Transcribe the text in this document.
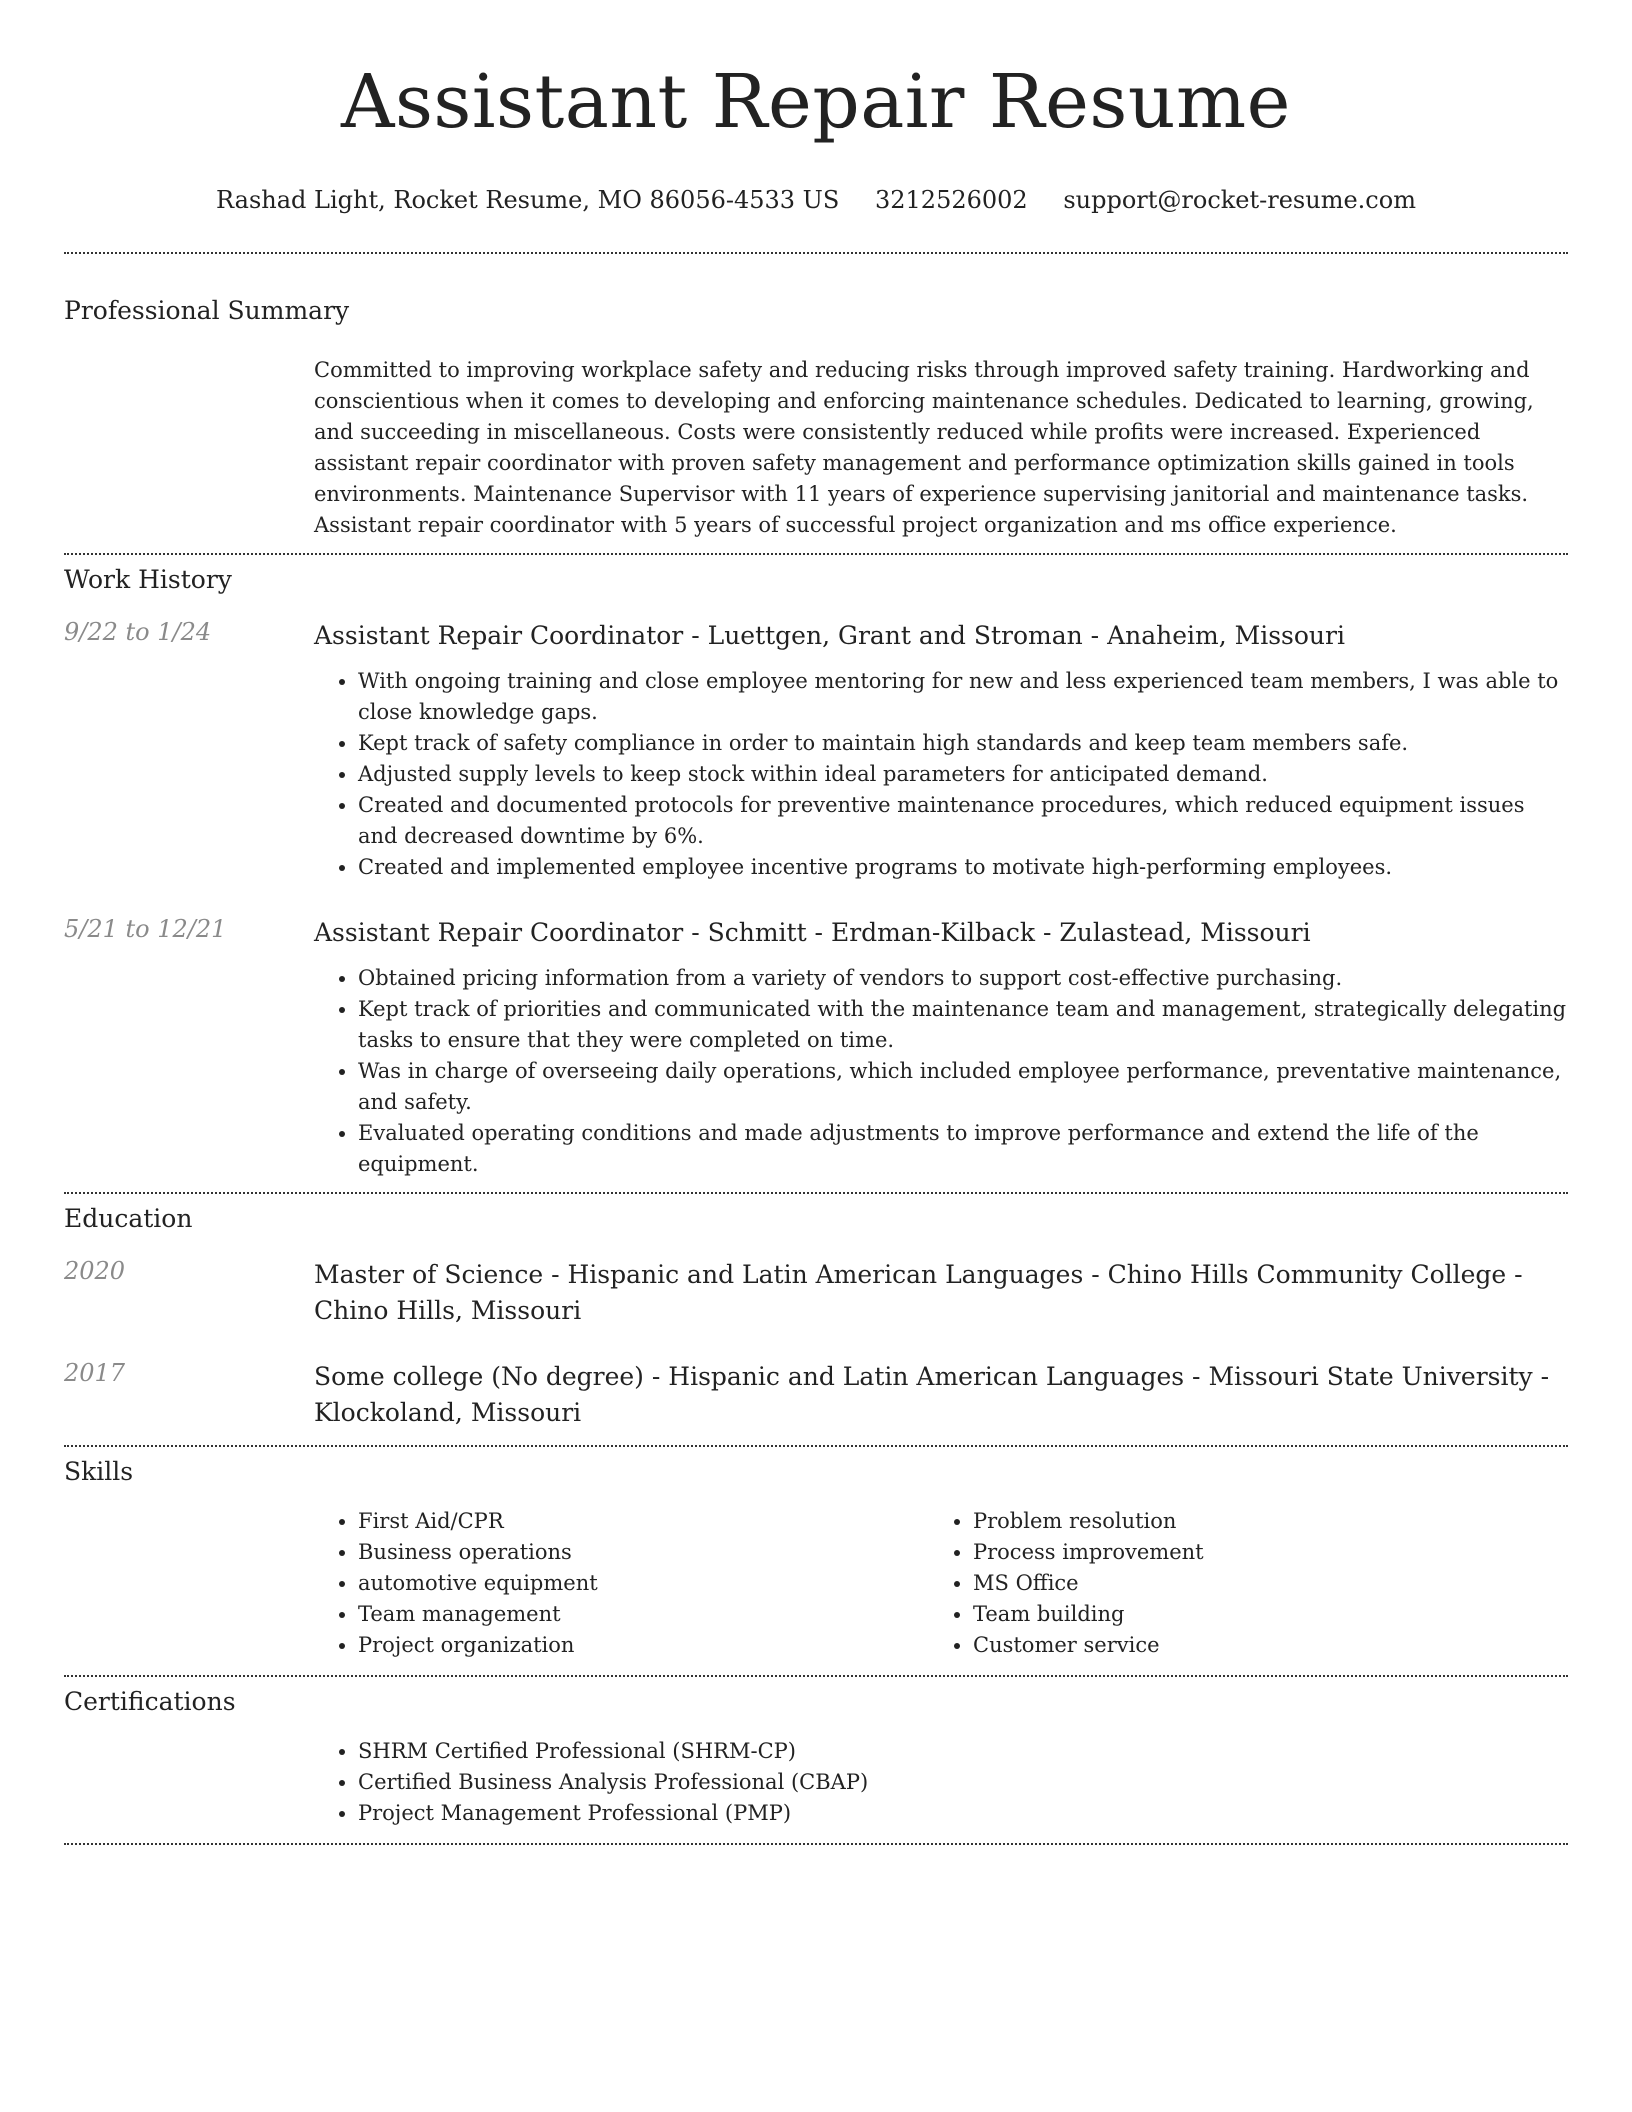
Assistant Repair Resume
Rashad Light, Rocket Resume, MO 86056-4533 US 3212526002 support@rocket-resume.com
Professional Summary
Committed to improving workplace safety and reducing risks through improved safety training. Hardworking and conscientious when it comes to developing and enforcing maintenance schedules. Dedicated to learning, growing, and succeeding in miscellaneous. Costs were consistently reduced while profits were increased. Experienced assistant repair coordinator with proven safety management and performance optimization skills gained in tools environments. Maintenance Supervisor with 11 years of experience supervising janitorial and maintenance tasks. Assistant repair coordinator with 5 years of successful project organization and ms office experience.
Work History
9/22 to 1/24	Assistant Repair Coordinator - Luettgen, Grant and Stroman - Anaheim, Missouri
• With ongoing training and close employee mentoring for new and less experienced team members, I was able to close knowledge gaps.
• Kept track of safety compliance in order to maintain high standards and keep team members safe.
• Adjusted supply levels to keep stock within ideal parameters for anticipated demand.
• Created and documented protocols for preventive maintenance procedures, which reduced equipment issues and decreased downtime by 6%.
• Created and implemented employee incentive programs to motivate high-performing employees.
5/21 to 12/21	Assistant Repair Coordinator - Schmitt - Erdman-Kilback - Zulastead, Missouri
• Obtained pricing information from a variety of vendors to support cost-effective purchasing.
• Kept track of priorities and communicated with the maintenance team and management, strategically delegating tasks to ensure that they were completed on time.
• Was in charge of overseeing daily operations, which included employee performance, preventative maintenance, and safety.
• Evaluated operating conditions and made adjustments to improve performance and extend the life of the equipment.
Education
2020	Master of Science - Hispanic and Latin American Languages - Chino Hills Community College - Chino Hills, Missouri
2017	Some college (No degree) - Hispanic and Latin American Languages - Missouri State University - Klockoland, Missouri
Skills
• First Aid/CPR
• Business operations
• automotive equipment
• Team management
• Project organization
• Problem resolution
• Process improvement
• MS Office
• Team building
• Customer service
Certifications
• SHRM Certified Professional (SHRM-CP)
• Certified Business Analysis Professional (CBAP)
• Project Management Professional (PMP)
